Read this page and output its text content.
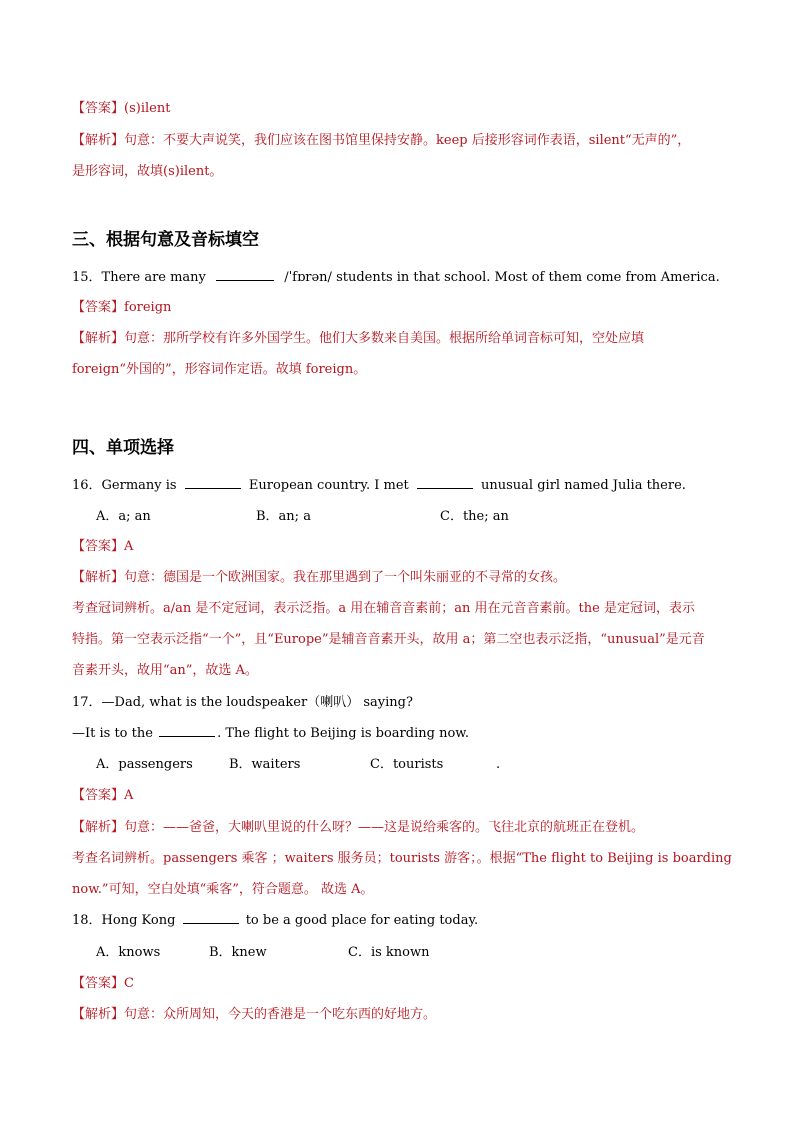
【答案】(s)ilent
【解析】句意：不要大声说笑，我们应该在图书馆里保持安静。keep 后接形容词作表语，silent“无声的”，
是形容词，故填(s)ilent。
三、根据句意及音标填空
15．There are many	/ˈfɒrən/ students in that school. Most of them come from America.
【答案】foreign
【解析】句意：那所学校有许多外国学生。他们大多数来自美国。根据所给单词音标可知，空处应填
foreign“外国的”，形容词作定语。故填 foreign。
四、单项选择
16．Germany is	European country. I met	unusual girl named Julia there.
A．a; an	B．an; a	C．the; an
【答案】A
【解析】句意：德国是一个欧洲国家。我在那里遇到了一个叫朱丽亚的不寻常的女孩。
考查冠词辨析。a/an 是不定冠词，表示泛指。a 用在辅音音素前；an 用在元音音素前。the 是定冠词，表示
特指。第一空表示泛指“一个”，且“Europe”是辅音音素开头，故用 a；第二空也表示泛指，“unusual”是元音
音素开头，故用“an”，故选 A。
17．—Dad, what is the loudspeaker（喇叭） saying?
—It is to the	. The flight to Beijing is boarding now.
A．passengers	B．waiters	C．tourists	.
【答案】A
【解析】句意：——爸爸，大喇叭里说的什么呀？——这是说给乘客的。飞往北京的航班正在登机。
考查名词辨析。passengers 乘客 ；waiters 服务员；tourists 游客；。根据“The flight to Beijing is boarding
now.”可知，空白处填“乘客”，符合题意。 故选 A。
18．Hong Kong	to be a good place for eating today.
A．knows	B．knew	C．is known
【答案】C
【解析】句意：众所周知，今天的香港是一个吃东西的好地方。
